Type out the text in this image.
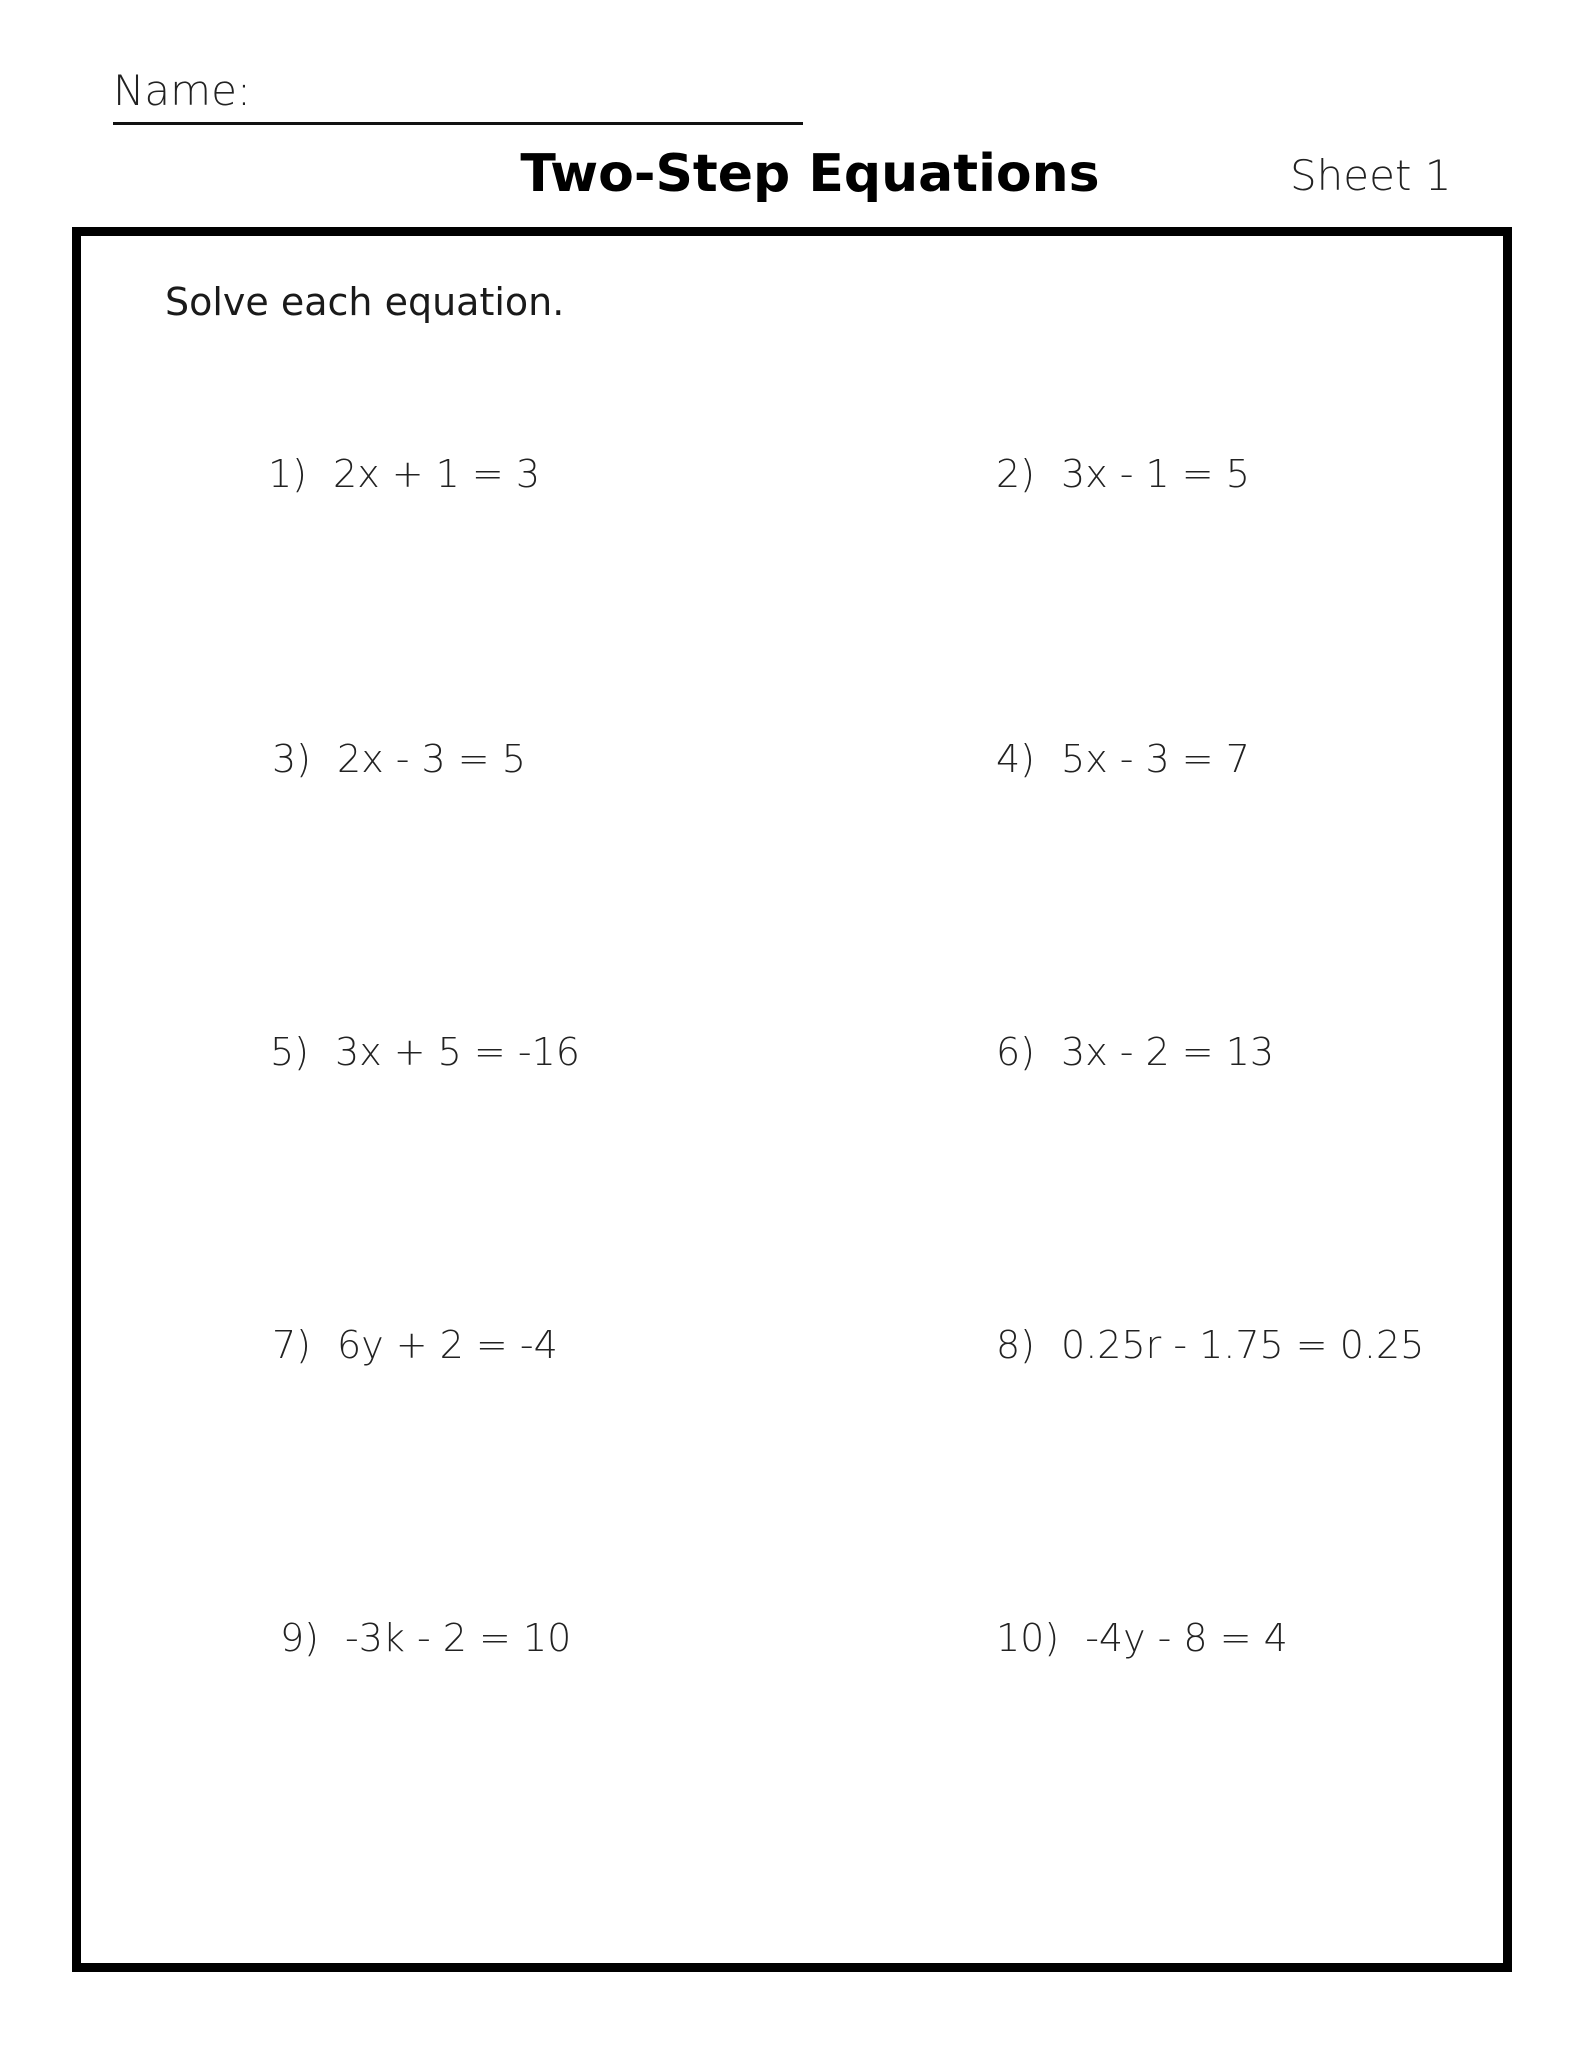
Name:
Two-Step Equations	Sheet 1
Solve each equation.
1) 2x + 1 = 3
3) 2x - 3 = 5
5) 3x + 5 = -16
7) 6y + 2 = -4
9) -3k - 2 = 10
2) 3x - 1 = 5
4) 5x - 3 = 7
6) 3x - 2 = 13
8) 0.25r - 1.75 = 0.25
10) -4y - 8 = 4
